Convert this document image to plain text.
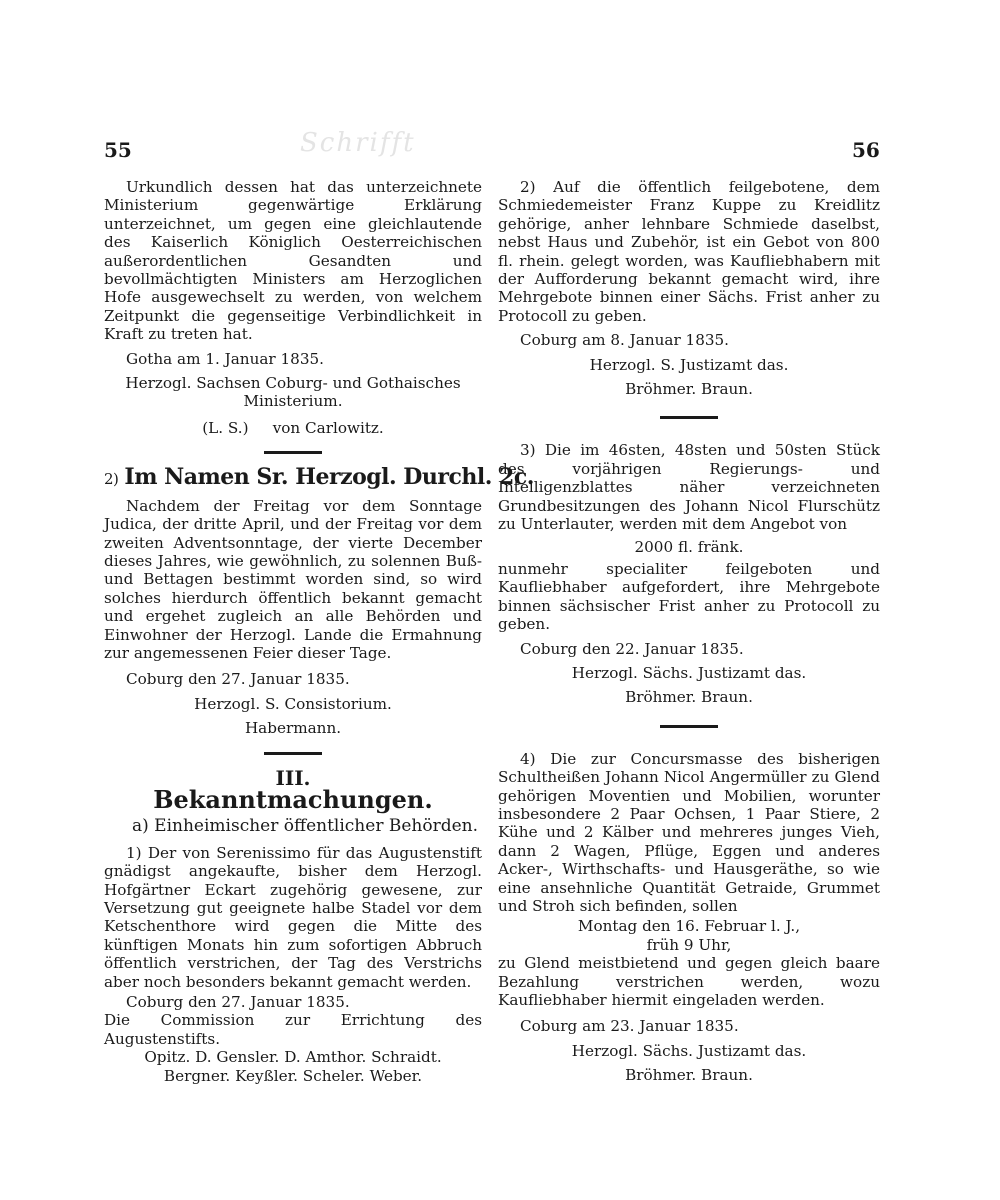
Schrifft
55	56

Urkundlich dessen hat das unterzeichnete Ministerium gegenwärtige Erklärung unterzeichnet, um gegen eine gleichlautende des Kaiserlich Königlich Oesterreichischen außerordentlichen Gesandten und bevollmächtigten Ministers am Herzoglichen Hofe ausgewechselt zu werden, von welchem Zeitpunkt die gegenseitige Verbindlichkeit in Kraft zu treten hat.

Gotha am 1. Januar 1835.

Herzogl. Sachsen Coburg- und Gothaisches Ministerium.

(L. S.) von Carlowitz.

2) Im Namen Sr. Herzogl. Durchl. 2c.

Nachdem der Freitag vor dem Sonntage Judica, der dritte April, und der Freitag vor dem zweiten Adventsonntage, der vierte December dieses Jahres, wie gewöhnlich, zu solennen Buß- und Bettagen bestimmt worden sind, so wird solches hierdurch öffentlich bekannt gemacht und ergehet zugleich an alle Behörden und Einwohner der Herzogl. Lande die Ermahnung zur angemessenen Feier dieser Tage.

Coburg den 27. Januar 1835.

Herzogl. S. Consistorium.

Habermann.

III.
Bekanntmachungen.
a) Einheimischer öffentlicher Behörden.

1) Der von Serenissimo für das Augustenstift gnädigst angekaufte, bisher dem Herzogl. Hofgärtner Eckart zugehörig gewesene, zur Versetzung gut geeignete halbe Stadel vor dem Ketschenthore wird gegen die Mitte des künftigen Monats hin zum sofortigen Abbruch öffentlich verstrichen, der Tag des Verstrichs aber noch besonders bekannt gemacht werden.

Coburg den 27. Januar 1835.

Die Commission zur Errichtung des Augustenstifts.

Opitz. D. Gensler. D. Amthor. Schraidt.

Bergner. Keyßler. Scheler. Weber.

2) Auf die öffentlich feilgebotene, dem Schmiedemeister Franz Kuppe zu Kreidlitz gehörige, anher lehnbare Schmiede daselbst, nebst Haus und Zubehör, ist ein Gebot von 800 fl. rhein. gelegt worden, was Kaufliebhabern mit der Aufforderung bekannt gemacht wird, ihre Mehrgebote binnen einer Sächs. Frist anher zu Protocoll zu geben.

Coburg am 8. Januar 1835.

Herzogl. S. Justizamt das.

Bröhmer. Braun.

3) Die im 46sten, 48sten und 50sten Stück des vorjährigen Regierungs- und Intelligenzblattes näher verzeichneten Grundbesitzungen des Johann Nicol Flurschütz zu Unterlauter, werden mit dem Angebot von

2000 fl. fränk.

nunmehr specialiter feilgeboten und Kaufliebhaber aufgefordert, ihre Mehrgebote binnen sächsischer Frist anher zu Protocoll zu geben.

Coburg den 22. Januar 1835.

Herzogl. Sächs. Justizamt das.

Bröhmer. Braun.

4) Die zur Concursmasse des bisherigen Schultheißen Johann Nicol Angermüller zu Glend gehörigen Moventien und Mobilien, worunter insbesondere 2 Paar Ochsen, 1 Paar Stiere, 2 Kühe und 2 Kälber und mehreres junges Vieh, dann 2 Wagen, Pflüge, Eggen und anderes Acker-, Wirthschafts- und Hausgeräthe, so wie eine ansehnliche Quantität Getraide, Grummet und Stroh sich befinden, sollen

Montag den 16. Februar l. J.,

früh 9 Uhr,

zu Glend meistbietend und gegen gleich baare Bezahlung verstrichen werden, wozu Kaufliebhaber hiermit eingeladen werden.

Coburg am 23. Januar 1835.

Herzogl. Sächs. Justizamt das.

Bröhmer. Braun.
